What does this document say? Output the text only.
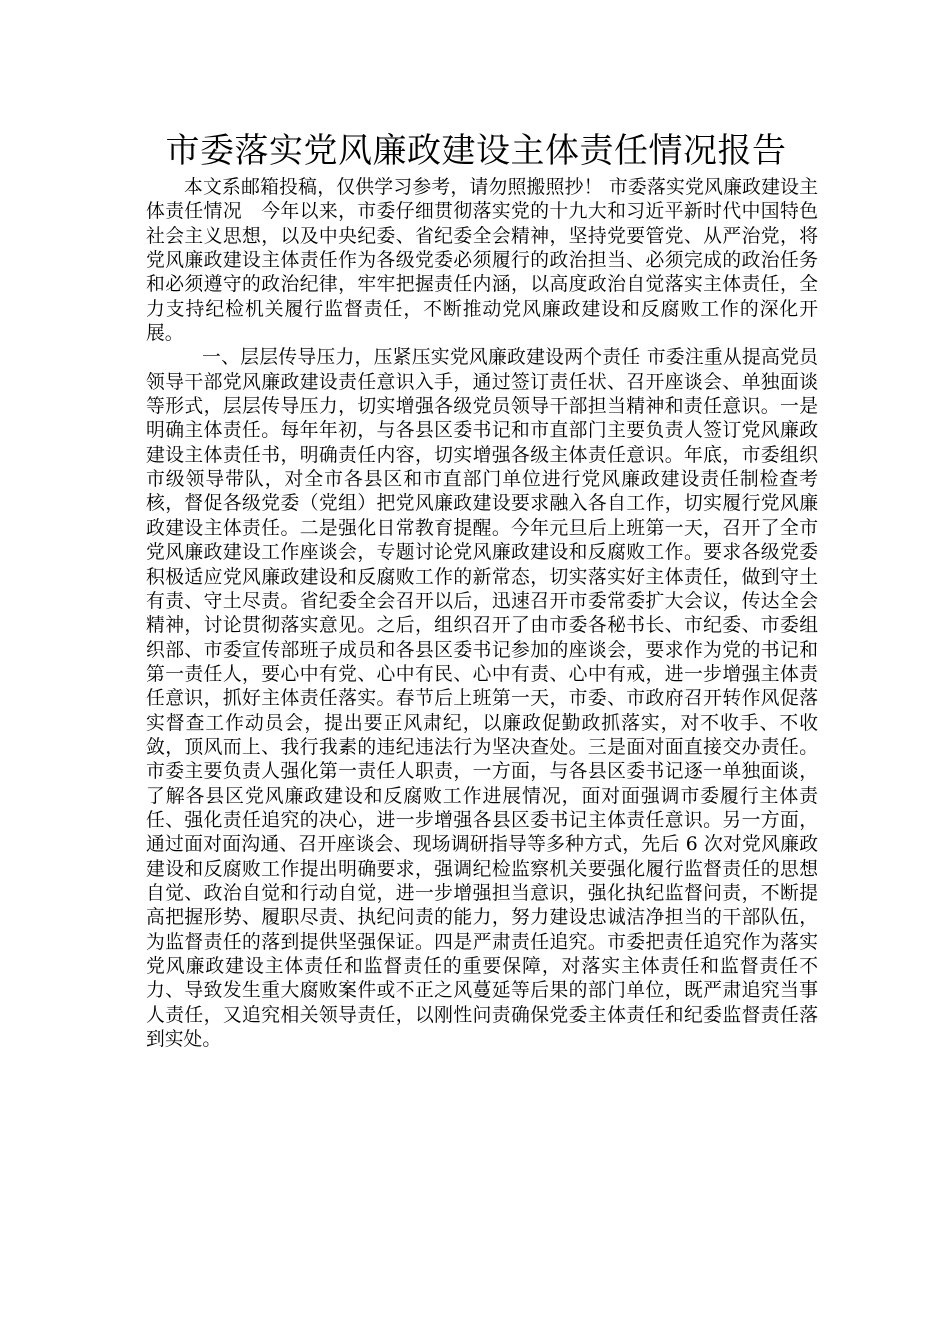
市委落实党风廉政建设主体责任情况报告

本文系邮箱投稿，仅供学习参考，请勿照搬照抄！ 市委落实党风廉政建设主体责任情况　今年以来，市委仔细贯彻落实党的十九大和习近平新时代中国特色社会主义思想，以及中央纪委、省纪委全会精神，坚持党要管党、从严治党，将党风廉政建设主体责任作为各级党委必须履行的政治担当、必须完成的政治任务和必须遵守的政治纪律，牢牢把握责任内涵，以高度政治自觉落实主体责任，全力支持纪检机关履行监督责任，不断推动党风廉政建设和反腐败工作的深化开展。

一、层层传导压力，压紧压实党风廉政建设两个责任 市委注重从提高党员领导干部党风廉政建设责任意识入手，通过签订责任状、召开座谈会、单独面谈等形式，层层传导压力，切实增强各级党员领导干部担当精神和责任意识。一是明确主体责任。每年年初，与各县区委书记和市直部门主要负责人签订党风廉政建设主体责任书，明确责任内容，切实增强各级主体责任意识。年底，市委组织市级领导带队，对全市各县区和市直部门单位进行党风廉政建设责任制检查考核，督促各级党委（党组）把党风廉政建设要求融入各自工作，切实履行党风廉政建设主体责任。二是强化日常教育提醒。今年元旦后上班第一天，召开了全市党风廉政建设工作座谈会，专题讨论党风廉政建设和反腐败工作。要求各级党委积极适应党风廉政建设和反腐败工作的新常态，切实落实好主体责任，做到守土有责、守土尽责。省纪委全会召开以后，迅速召开市委常委扩大会议，传达全会精神，讨论贯彻落实意见。之后，组织召开了由市委各秘书长、市纪委、市委组织部、市委宣传部班子成员和各县区委书记参加的座谈会，要求作为党的书记和第一责任人，要心中有党、心中有民、心中有责、心中有戒，进一步增强主体责任意识，抓好主体责任落实。春节后上班第一天，市委、市政府召开转作风促落实督查工作动员会，提出要正风肃纪，以廉政促勤政抓落实，对不收手、不收敛，顶风而上、我行我素的违纪违法行为坚决查处。三是面对面直接交办责任。市委主要负责人强化第一责任人职责，一方面，与各县区委书记逐一单独面谈，了解各县区党风廉政建设和反腐败工作进展情况，面对面强调市委履行主体责任、强化责任追究的决心，进一步增强各县区委书记主体责任意识。另一方面，通过面对面沟通、召开座谈会、现场调研指导等多种方式，先后 6 次对党风廉政建设和反腐败工作提出明确要求，强调纪检监察机关要强化履行监督责任的思想自觉、政治自觉和行动自觉，进一步增强担当意识，强化执纪监督问责，不断提高把握形势、履职尽责、执纪问责的能力，努力建设忠诚洁净担当的干部队伍，为监督责任的落到提供坚强保证。四是严肃责任追究。市委把责任追究作为落实党风廉政建设主体责任和监督责任的重要保障，对落实主体责任和监督责任不力、导致发生重大腐败案件或不正之风蔓延等后果的部门单位，既严肃追究当事人责任，又追究相关领导责任，以刚性问责确保党委主体责任和纪委监督责任落到实处。
